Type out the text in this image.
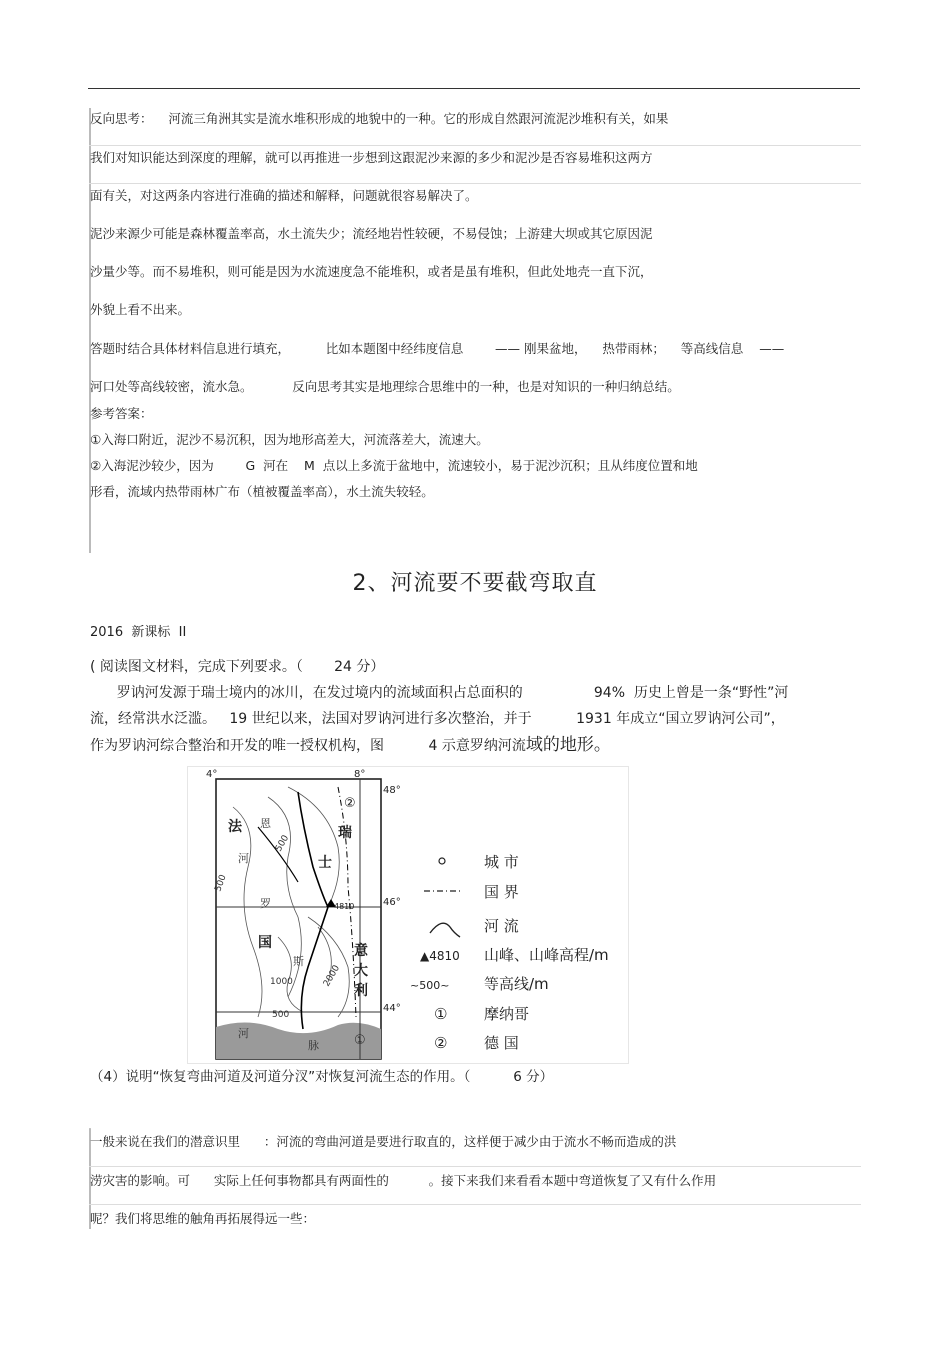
反向思考：    河流三角洲其实是流水堆积形成的地貌中的一种。它的形成自然跟河流泥沙堆积有关，如果
我们对知识能达到深度的理解，就可以再推进一步想到这跟泥沙来源的多少和泥沙是否容易堆积这两方
面有关，对这两条内容进行准确的描述和解释，问题就很容易解决了。
泥沙来源少可能是森林覆盖率高，水土流失少；流经地岩性较硬，不易侵蚀；上游建大坝或其它原因泥
沙量少等。而不易堆积，则可能是因为水流速度急不能堆积，或者是虽有堆积，但此处地壳一直下沉，
外貌上看不出来。
答题时结合具体材料信息进行填充，         比如本题图中经纬度信息        —— 刚果盆地，    热带雨林；    等高线信息    ——
河口处等高线较密，流水急。          反向思考其实是地理综合思维中的一种，也是对知识的一种归纳总结。
参考答案：
①入海口附近，泥沙不易沉积，因为地形高差大，河流落差大，流速大。
②入海泥沙较少，因为        G  河在    M  点以上多流于盆地中，流速较小，易于泥沙沉积；且从纬度位置和地
形看，流域内热带雨林广布（植被覆盖率高），水土流失较轻。
2、河流要不要截弯取直
2016  新课标  II
( 阅读图文材料，完成下列要求。（       24 分）
罗讷河发源于瑞士境内的冰川，在发过境内的流域面积占总面积的                94%  历史上曾是一条“野性”河
流，经常洪水泛滥。   19 世纪以来，法国对罗讷河进行多次整治，并于          1931 年成立“国立罗讷河公司”，
作为罗讷河综合整治和开发的唯一授权机构，图          4 示意罗纳河流域的地形。
4°	8°
48°
46°
44°
法 恩
河
罗
国
瑞
士
意
大
利
斯
河
脉
500
500
1000	2000
500
4810
①
②
城 市
国 界
河 流
▲4810 山峰、山峰高程/m
~500~ 等高线/m
① 摩纳哥
② 德 国
（4）说明“恢复弯曲河道及河道分汊”对恢复河流生态的作用。（          6 分）
一般来说在我们的潜意识里      ：河流的弯曲河道是要进行取直的，这样便于减少由于流水不畅而造成的洪
涝灾害的影响。可      实际上任何事物都具有两面性的          。接下来我们来看看本题中弯道恢复了又有什么作用
呢？我们将思维的触角再拓展得远一些：
